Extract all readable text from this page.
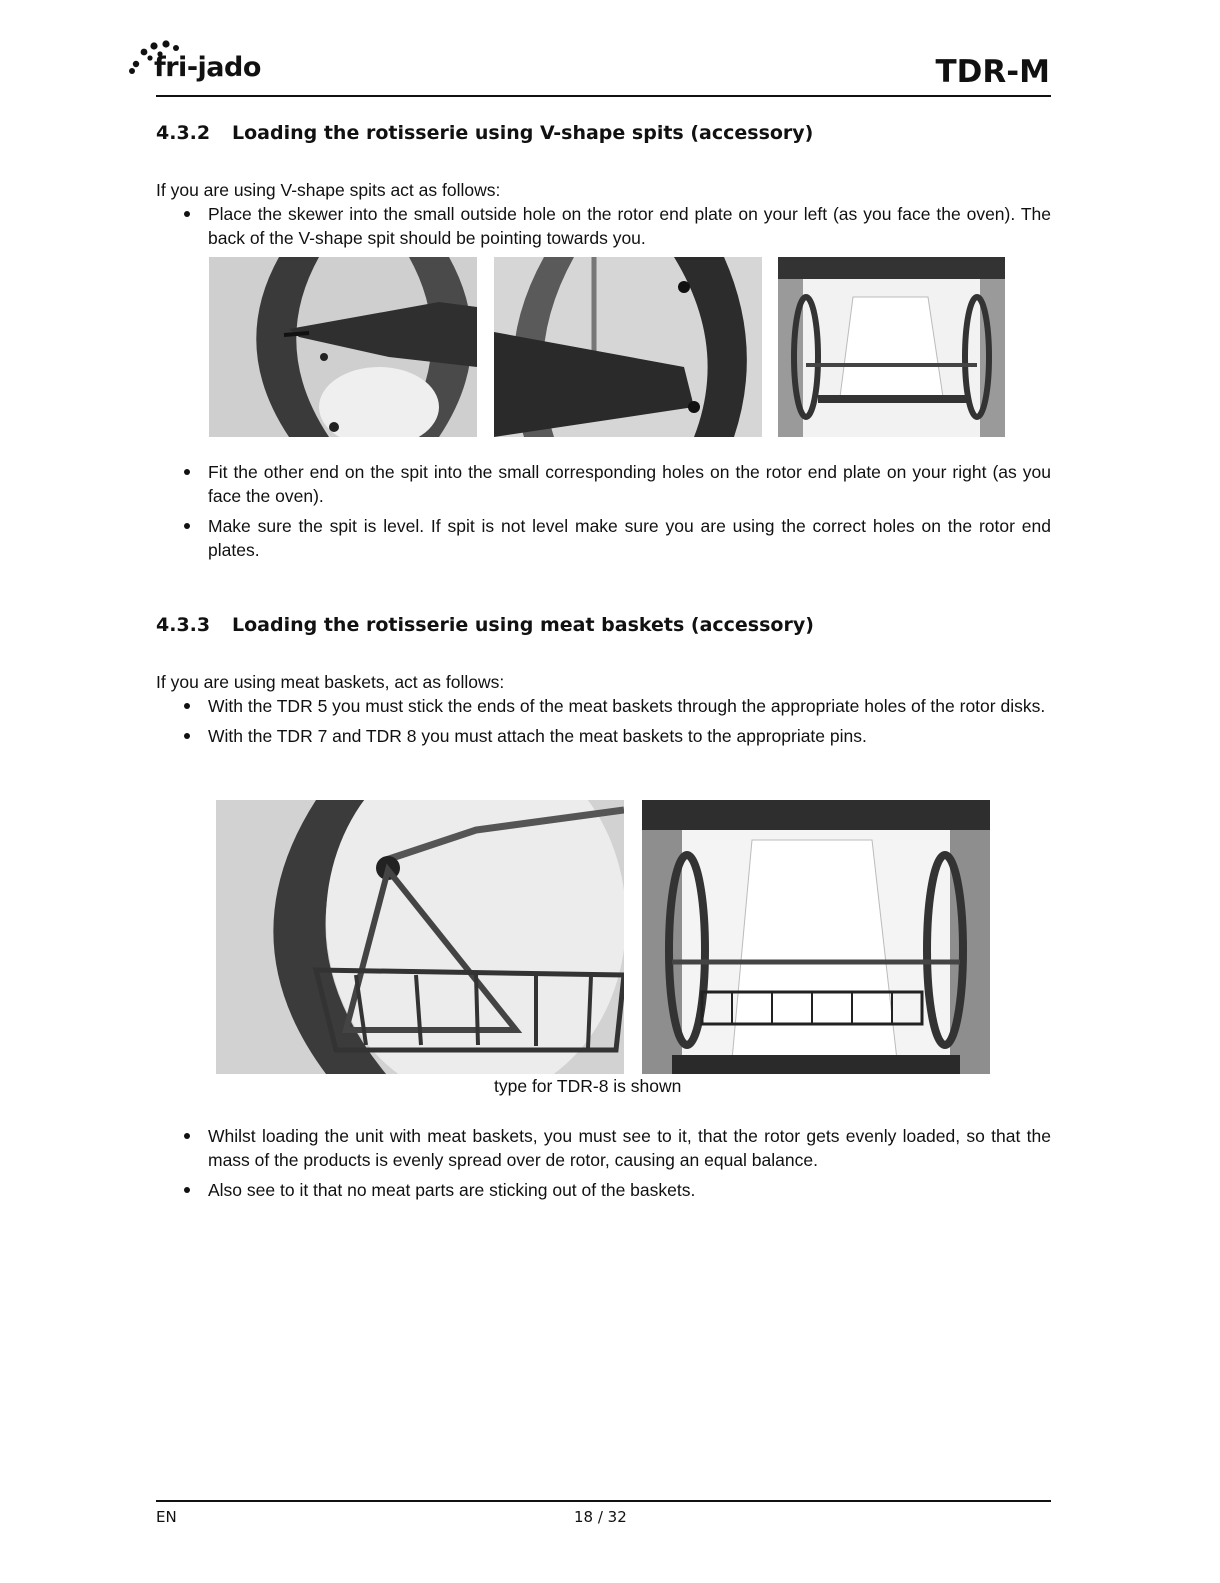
fri-jado	TDR-M
4.3.2 Loading the rotisserie using V-shape spits (accessory)
If you are using V-shape spits act as follows:
Place the skewer into the small outside hole on the rotor end plate on your left (as you face the oven). The back of the V-shape spit should be pointing towards you.
Fit the other end on the spit into the small corresponding holes on the rotor end plate on your right (as you face the oven).
Make sure the spit is level. If spit is not level make sure you are using the correct holes on the rotor end plates.
4.3.3 Loading the rotisserie using meat baskets (accessory)
If you are using meat baskets, act as follows:
With the TDR 5 you must stick the ends of the meat baskets through the appropriate holes of the rotor disks.
With the TDR 7 and TDR 8 you must attach the meat baskets to the appropriate pins.
type for TDR-8 is shown
Whilst loading the unit with meat baskets, you must see to it, that the rotor gets evenly loaded, so that the mass of the products is evenly spread over de rotor, causing an equal balance.
Also see to it that no meat parts are sticking out of the baskets.
EN	18 / 32
